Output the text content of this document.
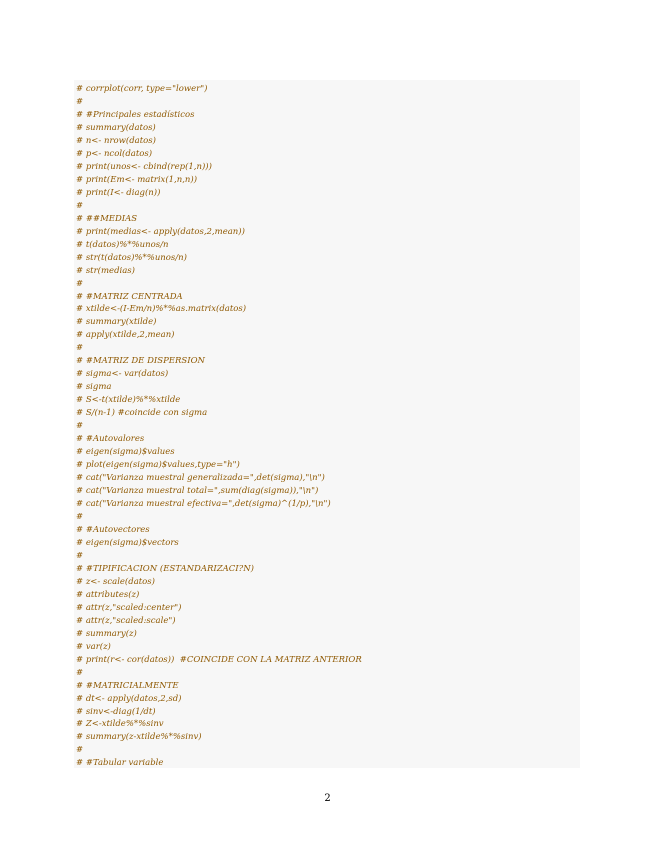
# corrplot(corr, type="lower")
#
# #Principales estadísticos
# summary(datos)
# n<- nrow(datos)
# p<- ncol(datos)
# print(unos<- cbind(rep(1,n)))
# print(Em<- matrix(1,n,n))
# print(I<- diag(n))
#
# ##MEDIAS
# print(medias<- apply(datos,2,mean))
# t(datos)%*%unos/n
# str(t(datos)%*%unos/n)
# str(medias)
#
# #MATRIZ CENTRADA
# xtilde<-(I-Em/n)%*%as.matrix(datos)
# summary(xtilde)
# apply(xtilde,2,mean)
#
# #MATRIZ DE DISPERSION
# sigma<- var(datos)
# sigma
# S<-t(xtilde)%*%xtilde
# S/(n-1) #coincide con sigma
#
# #Autovalores
# eigen(sigma)$values
# plot(eigen(sigma)$values,type="h")
# cat("Varianza muestral generalizada=",det(sigma),"\n")
# cat("Varianza muestral total=",sum(diag(sigma)),"\n")
# cat("Varianza muestral efectiva=",det(sigma)^(1/p),"\n")
#
# #Autovectores
# eigen(sigma)$vectors
#
# #TIPIFICACION (ESTANDARIZACI?N)
# z<- scale(datos)
# attributes(z)
# attr(z,"scaled:center")
# attr(z,"scaled:scale")
# summary(z)
# var(z)
# print(r<- cor(datos))  #COINCIDE CON LA MATRIZ ANTERIOR
#
# #MATRICIALMENTE
# dt<- apply(datos,2,sd)
# sinv<-diag(1/dt)
# Z<-xtilde%*%sinv
# summary(z-xtilde%*%sinv)
#
# #Tabular variable
2
